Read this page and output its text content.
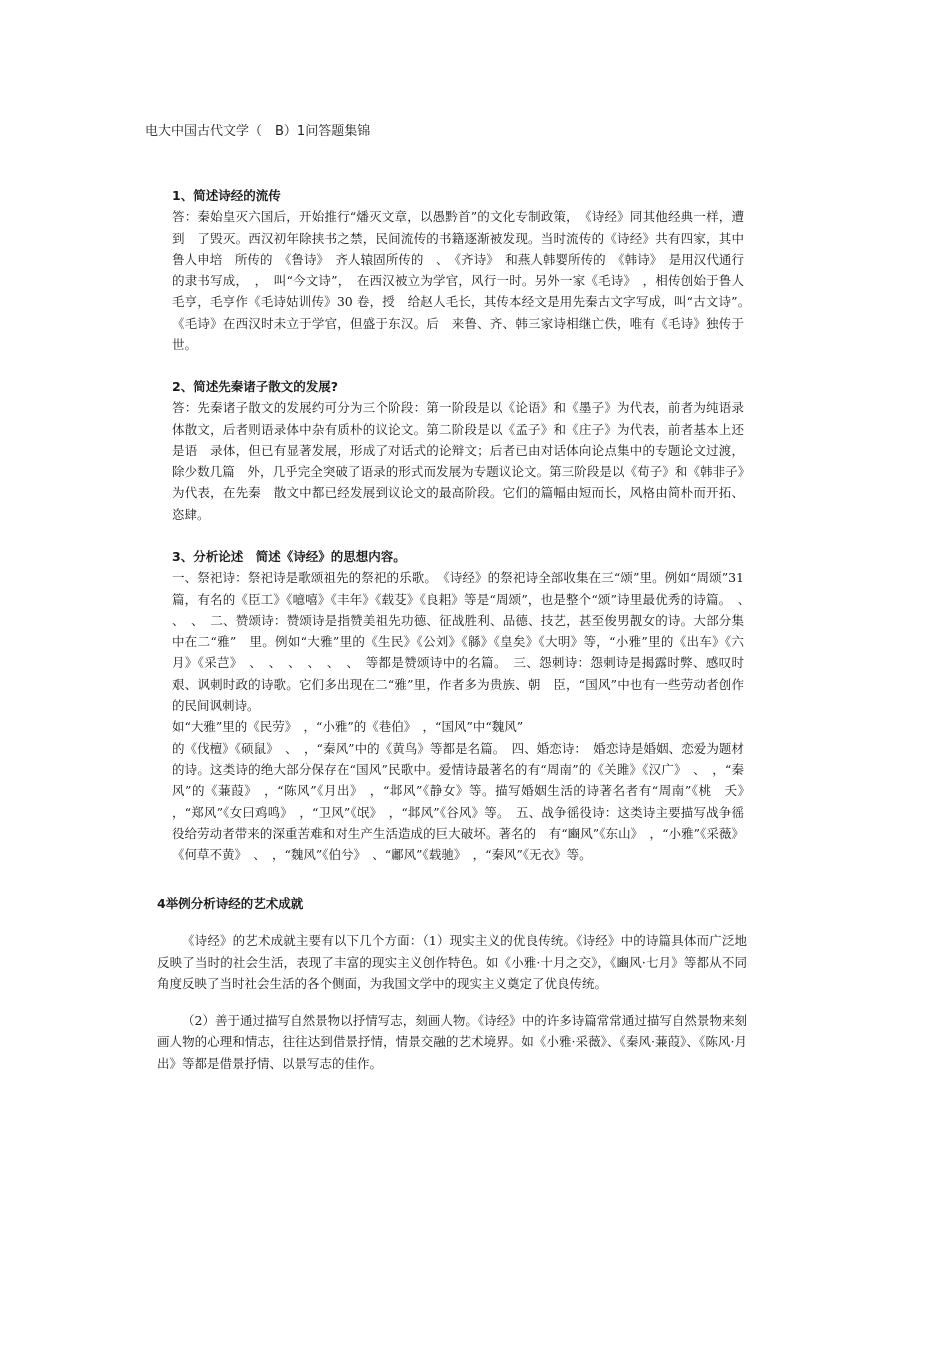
电大中国古代文学（　B）1问答题集锦
1、简述诗经的流传

答：秦始皇灭六国后，开始推行“燔灭文章，以愚黔首”的文化专制政策，　《诗经》同其他经典一样，遭到　了毁灭。西汉初年除挟书之禁，民间流传的书籍逐渐被发现。当时流传的《诗经》共有四家，其中鲁人申培　所传的　《鲁诗》　齐人辕固所传的　、　《齐诗》　和燕人韩婴所传的　《韩诗》　是用汉代通行的隶书写成，　，　叫“今文诗”，　在西汉被立为学官，风行一时。另外一家《毛诗》　，相传创始于鲁人毛亨，毛亨作《毛诗姑训传》30 卷，授　给赵人毛长，其传本经文是用先秦古文字写成，叫“古文诗”。　《毛诗》在西汉时未立于学官，但盛于东汉。后　来鲁、齐、韩三家诗相继亡佚，唯有《毛诗》独传于世。

2、简述先秦诸子散文的发展?

答：先秦诸子散文的发展约可分为三个阶段：第一阶段是以《论语》和《墨子》为代表，前者为纯语录　体散文，后者则语录体中杂有质朴的议论文。第二阶段是以《孟子》和《庄子》为代表，前者基本上还是语　录体，但已有显著发展，形成了对话式的论辩文；后者已由对话体向论点集中的专题论文过渡，除少数几篇　外，几乎完全突破了语录的形式而发展为专题议论文。第三阶段是以《荀子》和《韩非子》为代表，在先秦　散文中都已经发展到议论文的最高阶段。它们的篇幅由短而长，风格由简朴而开拓、恣肆。

3、分析论述　简述《诗经》的思想内容。

一、祭祀诗：祭祀诗是歌颂祖先的祭祀的乐歌。　《诗经》的祭祀诗全部收集在三“颂”里。例如“周颂”31　篇，有名的《臣工》《噫嘻》《丰年》《载芟》《良耜》等是“周颂”，也是整个“颂”诗里最优秀的诗篇。　、　、　、　二、赞颂诗：赞颂诗是指赞美祖先功德、征战胜利、品德、技艺，甚至俊男靓女的诗。大部分集中在二“雅”　里。例如“大雅”里的《生民》《公刘》《緜》《皇矣》《大明》等，“小雅”里的《出车》《六月》《采芑》　、　、　、　、　、　、　等都是赞颂诗中的名篇。　三、怨刺诗：怨刺诗是揭露时弊、感叹时艰、讽刺时政的诗歌。它们多出现在二“雅”里，作者多为贵族、朝　臣，“国风”中也有一些劳动者创作的民间讽刺诗。

如“大雅”里的《民劳》　，“小雅”的《巷伯》　，“国风”中“魏风”

的《伐檀》《硕鼠》　、　，“秦风”中的《黄鸟》等都是名篇。　四、婚恋诗：　婚恋诗是婚姻、恋爱为题材的诗。这类诗的绝大部分保存在“国风”民歌中。爱情诗最著名的有“周南”的《关雎》《汉广》　、　，“秦风”的《蒹葭》　，“陈风”《月出》　，“邶风”《静女》等。描写婚姻生活的诗著名者有“周南”《桃　夭》　，“郑风”《女曰鸡鸣》　，“卫风”《氓》　，“邶风”《谷风》等。　五、战争徭役诗：这类诗主要描写战争徭役给劳动者带来的深重苦难和对生产生活造成的巨大破坏。著名的　有“豳风”《东山》　，“小雅”《采薇》《何草不黄》　、　，“魏风”《伯兮》　、“鄘风”《载驰》　，“秦风”《无衣》等。

4举例分析诗经的艺术成就

《诗经》的艺术成就主要有以下几个方面：（1）现实主义的优良传统。《诗经》中的诗篇具体而广泛地反映了当时的社会生活，表现了丰富的现实主义创作特色。如《小雅·十月之交》，《豳风·七月》等都从不同角度反映了当时社会生活的各个侧面，为我国文学中的现实主义奠定了优良传统。

（2）善于通过描写自然景物以抒情写志，刻画人物。《诗经》中的许多诗篇常常通过描写自然景物来刻画人物的心理和情志，往往达到借景抒情，情景交融的艺术境界。如《小雅·采薇》、《秦风·蒹葭》、《陈风·月出》等都是借景抒情、以景写志的佳作。
